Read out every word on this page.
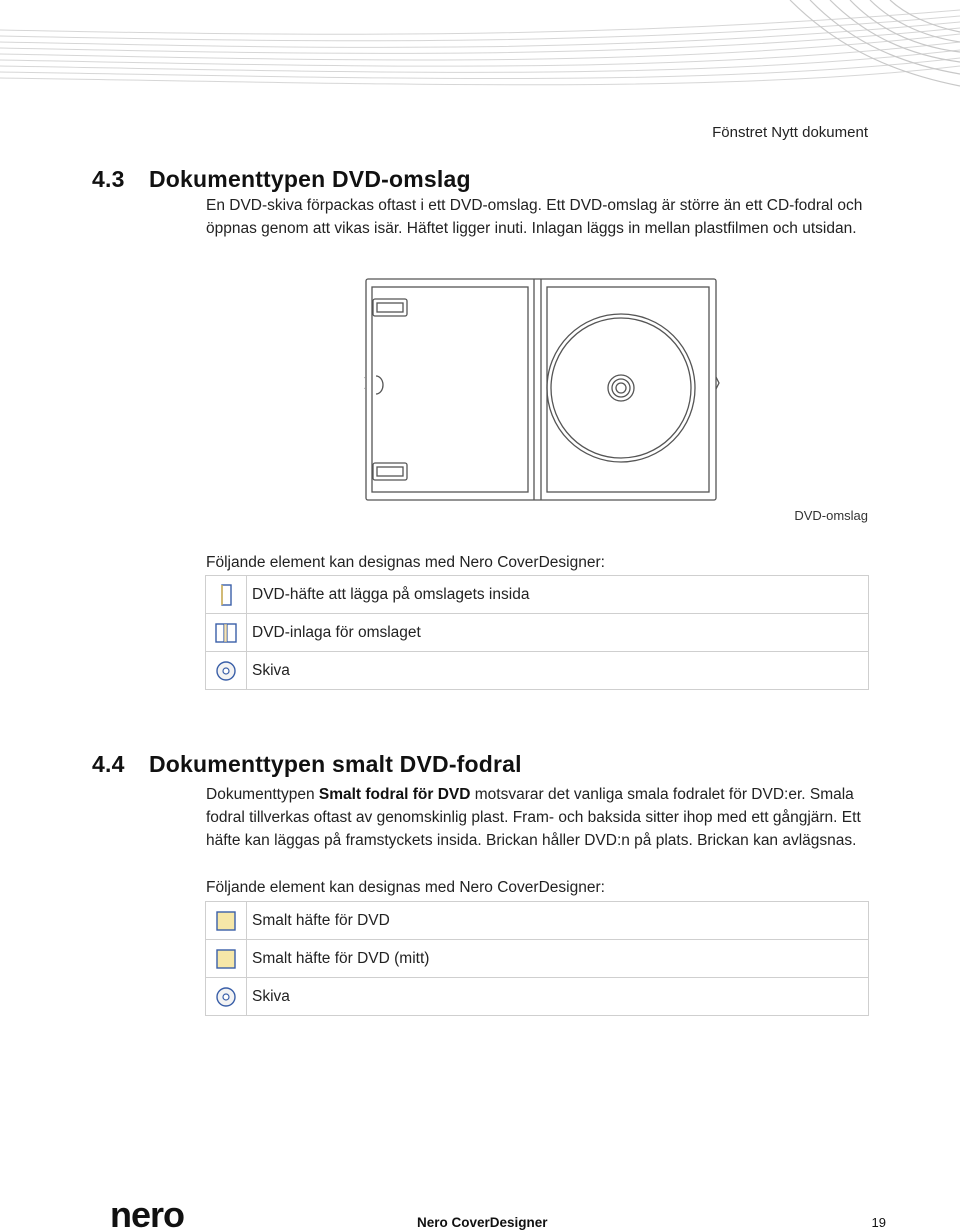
Fönstret Nytt dokument
4.3 Dokumenttypen DVD-omslag
En DVD-skiva förpackas oftast i ett DVD-omslag. Ett DVD-omslag är större än ett CD-fodral och öppnas genom att vikas isär. Häftet ligger inuti. Inlagan läggs in mellan plastfilmen och utsidan.
DVD-omslag
Följande element kan designas med Nero CoverDesigner:
	DVD-häfte att lägga på omslagets insida

	DVD-inlaga för omslaget

	Skiva
4.4 Dokumenttypen smalt DVD-fodral
Dokumenttypen Smalt fodral för DVD motsvarar det vanliga smala fodralet för DVD:er. Smala fodral tillverkas oftast av genomskinlig plast. Fram- och baksida sitter ihop med ett gångjärn. Ett häfte kan läggas på framstyckets insida. Brickan håller DVD:n på plats. Brickan kan avlägsnas.
Följande element kan designas med Nero CoverDesigner:
	Smalt häfte för DVD

	Smalt häfte för DVD (mitt)

	Skiva
nero	Nero CoverDesigner	19
